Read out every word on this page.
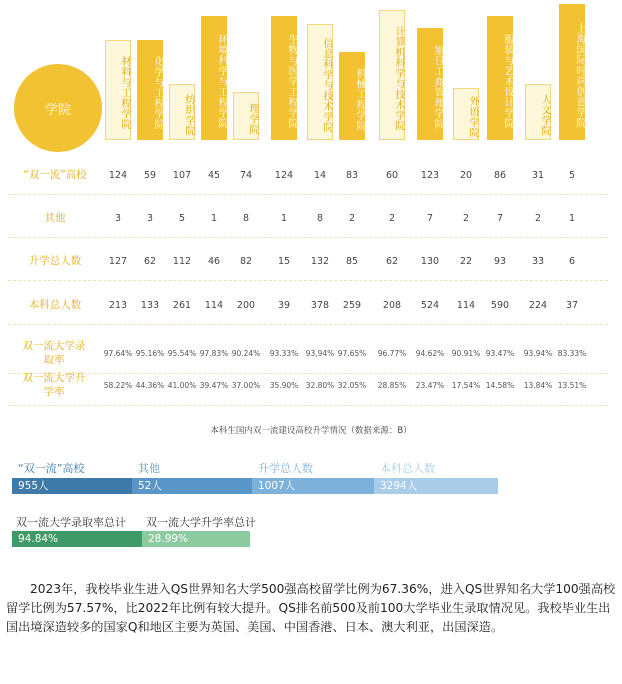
学院	材料与工程学院	化学与工程学院	纺织学院	环境科学与工程学院	理学院	生物与医学工程学院	信息科学与技术学院	机械工程学院	计算机科学与技术学院	旭日工商管理学院	外语学院	服装与艺术设计学院	人文学院	上海国际时尚创意学院
“双一流”高校	124	59	107	45	74	124	14	83	60	123	20	86	31	5
其他	3	3	5	1	8	1	8	2	2	7	2	7	2	1
升学总人数	127	62	112	46	82	15	132	85	62	130	22	93	33	6
本科总人数	213	133	261	114	200	39	378	259	208	524	114	590	224	37
双一流大学录取率
97.64% 95.16% 95.54% 97.83% 90.24%	93.33% 93,94% 97.65%	96.77%	94.62% 90.91% 93.47%	93.94% 83.33%
双一流大学升学率
58.22% 44.36% 41.00% 39.47% 37.00%	35.90% 32.80% 32.05%	28.85%	23.47% 17.54% 14.58%	13.84% 13.51%
本科生国内双一流建设高校升学情况（数据来源：B）
“双一流”高校
955人
其他
52人
升学总人数
1007人
本科总人数
3294人
双一流大学录取率总计
94.84%
双一流大学升学率总计
28.99%
2023年，我校毕业生进入QS世界知名大学500强高校留学比例为67.36%，进入QS世界知名大学100强高校留学比例为57.57%，比2022年比例有较大提升。QS排名前500及前100大学毕业生录取情况见。我校毕业生出国出境深造较多的国家Q和地区主要为英国、美国、中国香港、日本、澳大利亚，出国深造。
